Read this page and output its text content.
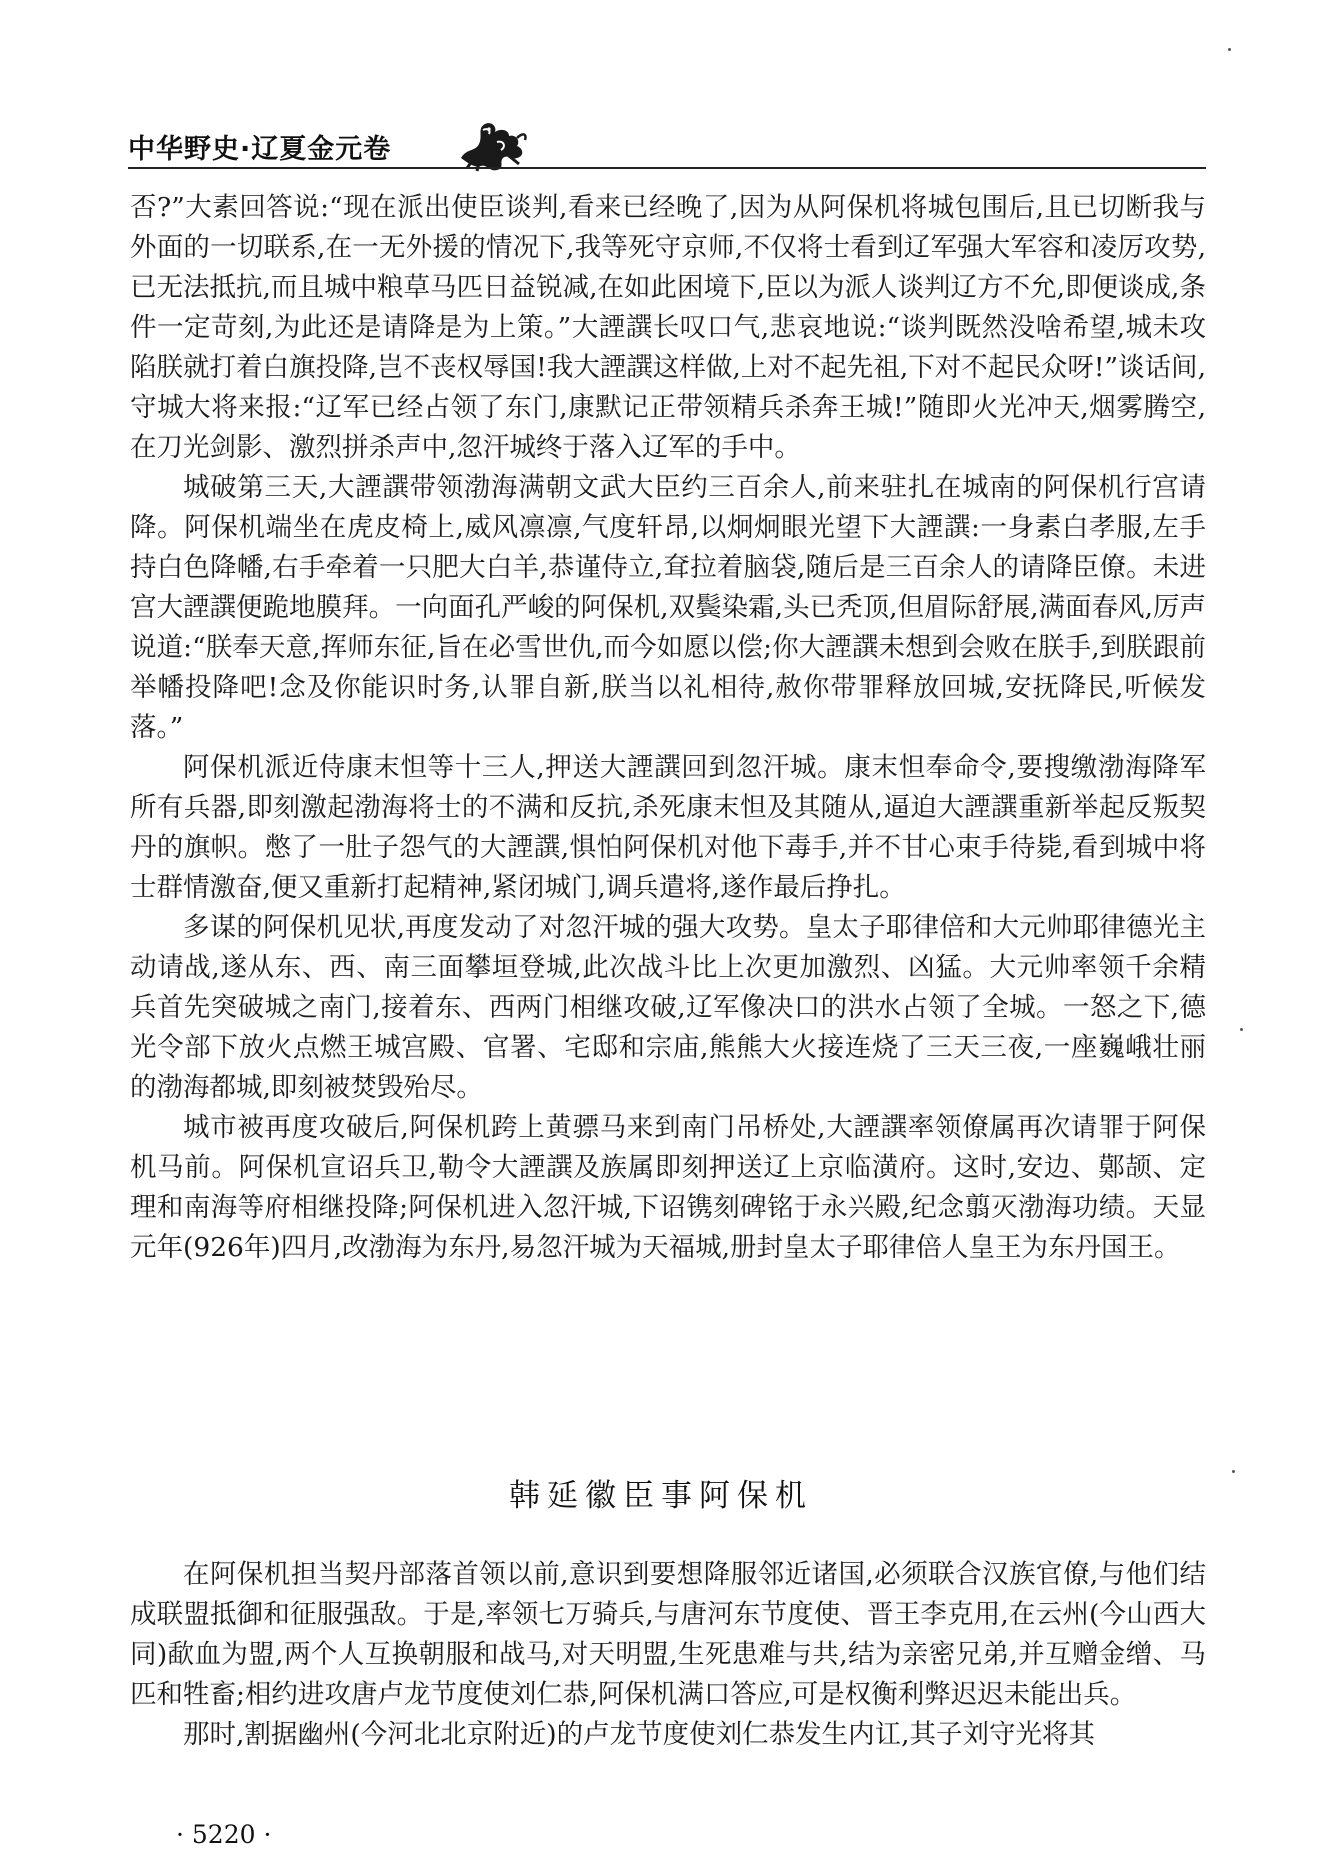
中华野史·辽夏金元卷

否?”大素回答说:“现在派出使臣谈判,看来已经晚了,因为从阿保机将城包围后,且已切断我与外面的一切联系,在一无外援的情况下,我等死守京师,不仅将士看到辽军强大军容和凌厉攻势,已无法抵抗,而且城中粮草马匹日益锐减,在如此困境下,臣以为派人谈判辽方不允,即便谈成,条件一定苛刻,为此还是请降是为上策。”大諲譔长叹口气,悲哀地说:“谈判既然没啥希望,城未攻陷朕就打着白旗投降,岂不丧权辱国!我大諲譔这样做,上对不起先祖,下对不起民众呀!”谈话间,守城大将来报:“辽军已经占领了东门,康默记正带领精兵杀奔王城!”随即火光冲天,烟雾腾空,在刀光剑影、激烈拼杀声中,忽汗城终于落入辽军的手中。

城破第三天,大諲譔带领渤海满朝文武大臣约三百余人,前来驻扎在城南的阿保机行宫请降。阿保机端坐在虎皮椅上,威风凛凛,气度轩昂,以炯炯眼光望下大諲譔:一身素白孝服,左手持白色降幡,右手牵着一只肥大白羊,恭谨侍立,耷拉着脑袋,随后是三百余人的请降臣僚。未进宫大諲譔便跪地膜拜。一向面孔严峻的阿保机,双鬓染霜,头已秃顶,但眉际舒展,满面春风,厉声说道:“朕奉天意,挥师东征,旨在必雪世仇,而今如愿以偿;你大諲譔未想到会败在朕手,到朕跟前举幡投降吧!念及你能识时务,认罪自新,朕当以礼相待,赦你带罪释放回城,安抚降民,听候发落。”

阿保机派近侍康末怛等十三人,押送大諲譔回到忽汗城。康末怛奉命令,要搜缴渤海降军所有兵器,即刻激起渤海将士的不满和反抗,杀死康末怛及其随从,逼迫大諲譔重新举起反叛契丹的旗帜。憋了一肚子怨气的大諲譔,惧怕阿保机对他下毒手,并不甘心束手待毙,看到城中将士群情激奋,便又重新打起精神,紧闭城门,调兵遣将,遂作最后挣扎。

多谋的阿保机见状,再度发动了对忽汗城的强大攻势。皇太子耶律倍和大元帅耶律德光主动请战,遂从东、西、南三面攀垣登城,此次战斗比上次更加激烈、凶猛。大元帅率领千余精兵首先突破城之南门,接着东、西两门相继攻破,辽军像决口的洪水占领了全城。一怒之下,德光令部下放火点燃王城宫殿、官署、宅邸和宗庙,熊熊大火接连烧了三天三夜,一座巍峨壮丽的渤海都城,即刻被焚毁殆尽。

城市被再度攻破后,阿保机跨上黄骠马来到南门吊桥处,大諲譔率领僚属再次请罪于阿保机马前。阿保机宣诏兵卫,勒令大諲譔及族属即刻押送辽上京临潢府。这时,安边、鄚颉、定理和南海等府相继投降;阿保机进入忽汗城,下诏镌刻碑铭于永兴殿,纪念翦灭渤海功绩。天显元年(926年)四月,改渤海为东丹,易忽汗城为天福城,册封皇太子耶律倍人皇王为东丹国王。

韩延徽臣事阿保机

在阿保机担当契丹部落首领以前,意识到要想降服邻近诸国,必须联合汉族官僚,与他们结成联盟抵御和征服强敌。于是,率领七万骑兵,与唐河东节度使、晋王李克用,在云州(今山西大同)歃血为盟,两个人互换朝服和战马,对天明盟,生死患难与共,结为亲密兄弟,并互赠金缯、马匹和牲畜;相约进攻唐卢龙节度使刘仁恭,阿保机满口答应,可是权衡利弊迟迟未能出兵。

那时,割据幽州(今河北北京附近)的卢龙节度使刘仁恭发生内讧,其子刘守光将其

· 5220 ·
